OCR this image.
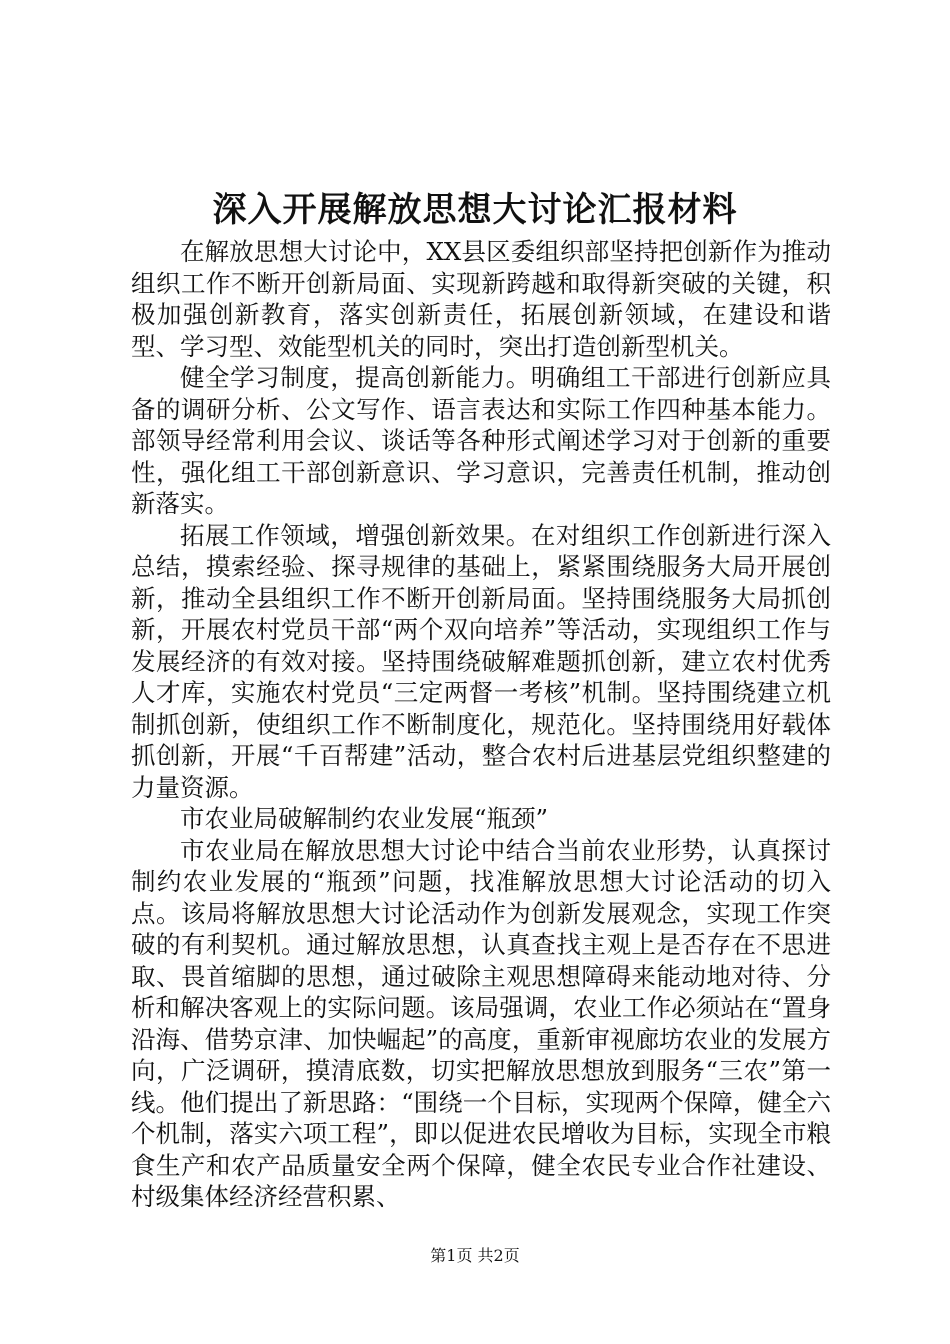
深入开展解放思想大讨论汇报材料

在解放思想大讨论中，XX县区委组织部坚持把创新作为推动组织工作不断开创新局面、实现新跨越和取得新突破的关键，积极加强创新教育，落实创新责任，拓展创新领域，在建设和谐型、学习型、效能型机关的同时，突出打造创新型机关。

健全学习制度，提高创新能力。明确组工干部进行创新应具备的调研分析、公文写作、语言表达和实际工作四种基本能力。部领导经常利用会议、谈话等各种形式阐述学习对于创新的重要性，强化组工干部创新意识、学习意识，完善责任机制，推动创新落实。

拓展工作领域，增强创新效果。在对组织工作创新进行深入总结，摸索经验、探寻规律的基础上，紧紧围绕服务大局开展创新，推动全县组织工作不断开创新局面。坚持围绕服务大局抓创新，开展农村党员干部“两个双向培养”等活动，实现组织工作与发展经济的有效对接。坚持围绕破解难题抓创新，建立农村优秀人才库，实施农村党员“三定两督一考核”机制。坚持围绕建立机制抓创新，使组织工作不断制度化，规范化。坚持围绕用好载体抓创新，开展“千百帮建”活动，整合农村后进基层党组织整建的力量资源。

市农业局破解制约农业发展“瓶颈”

市农业局在解放思想大讨论中结合当前农业形势，认真探讨制约农业发展的“瓶颈”问题，找准解放思想大讨论活动的切入点。该局将解放思想大讨论活动作为创新发展观念，实现工作突破的有利契机。通过解放思想，认真查找主观上是否存在不思进取、畏首缩脚的思想，通过破除主观思想障碍来能动地对待、分析和解决客观上的实际问题。该局强调，农业工作必须站在“置身沿海、借势京津、加快崛起”的高度，重新审视廊坊农业的发展方向，广泛调研，摸清底数，切实把解放思想放到服务“三农”第一线。他们提出了新思路：“围绕一个目标，实现两个保障，健全六个机制，落实六项工程”，即以促进农民增收为目标，实现全市粮食生产和农产品质量安全两个保障，健全农民专业合作社建设、村级集体经济经营积累、

第1页 共2页
